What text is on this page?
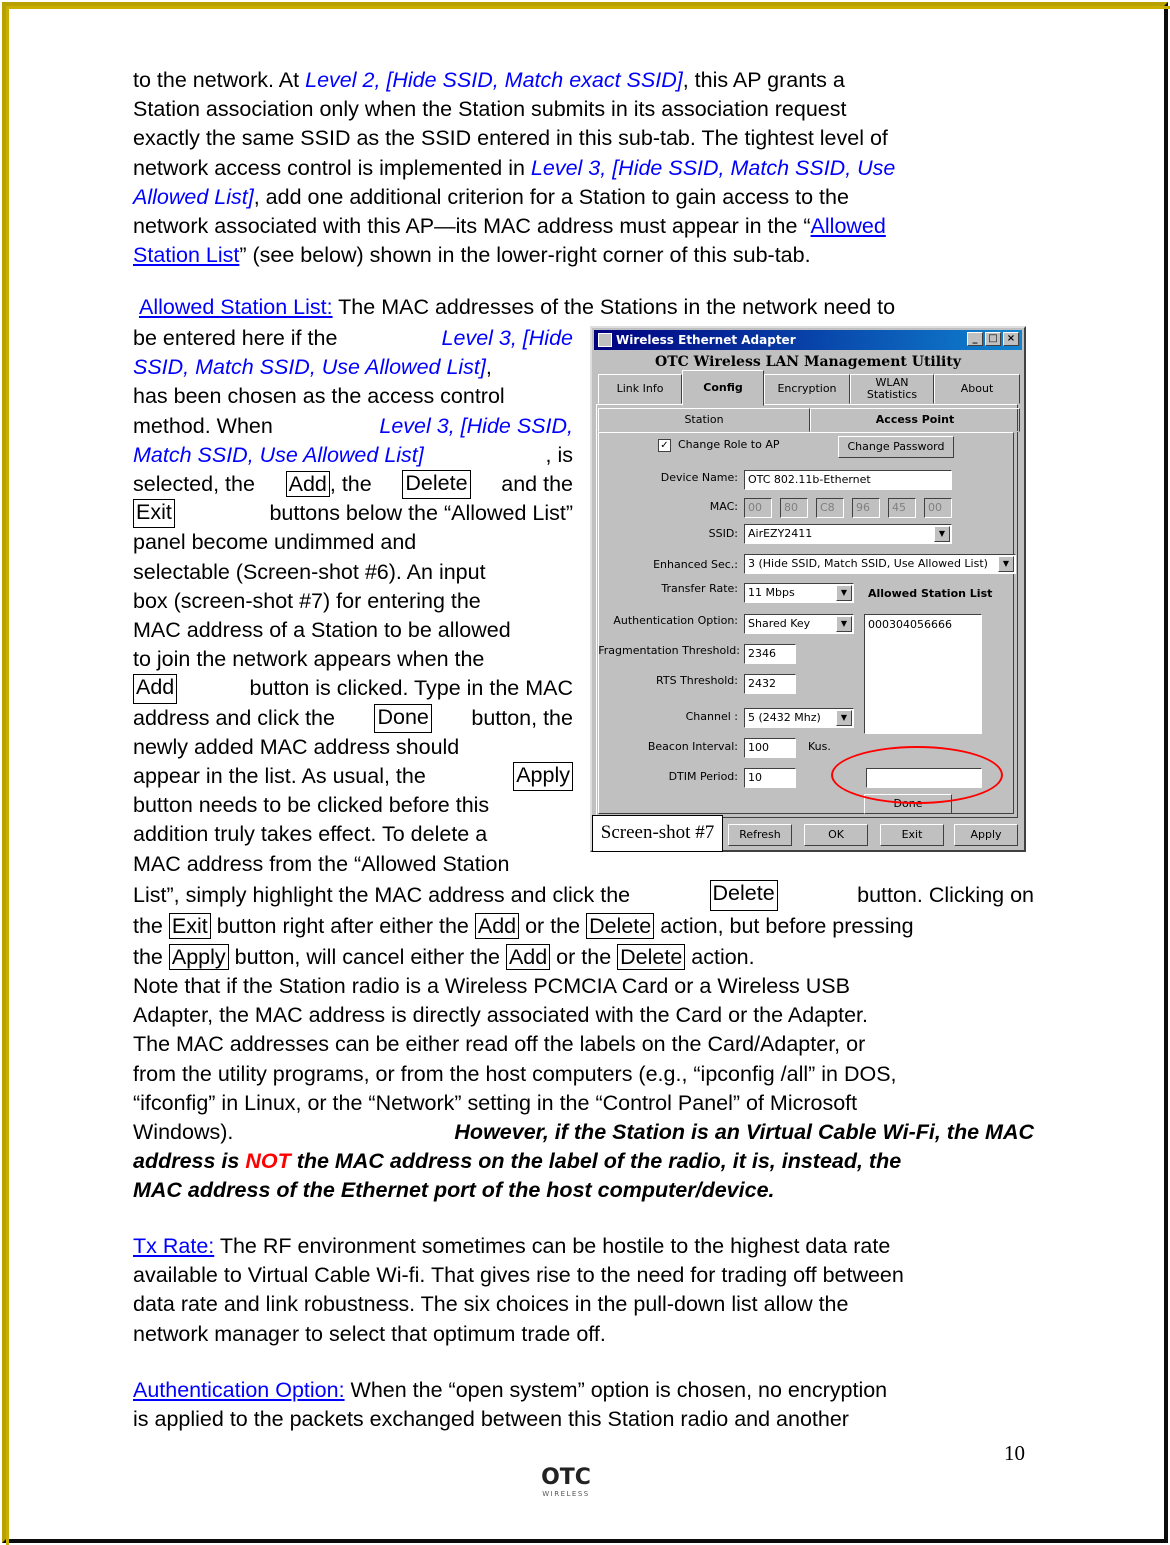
to the network. At Level 2, [Hide SSID, Match exact SSID], this AP grants a
Station association only when the Station submits in its association request
exactly the same SSID as the SSID entered in this sub-tab. The tightest level of
network access control is implemented in Level 3, [Hide SSID, Match SSID, Use
Allowed List], add one additional criterion for a Station to gain access to the
network associated with this AP—its MAC address must appear in the “Allowed
Station List” (see below) shown in the lower-right corner of this sub-tab.
Allowed Station List: The MAC addresses of the Stations in the network need to
be entered here if the	Level 3, [Hide
SSID, Match SSID, Use Allowed List],
has been chosen as the access control
method. When	Level 3, [Hide SSID,
Match SSID, Use Allowed List]	, is
selected, the Add , the Delete and the
Exit	buttons below the “Allowed List”
panel become undimmed and
selectable (Screen-shot #6). An input
box (screen-shot #7) for entering the
MAC address of a Station to be allowed
to join the network appears when the
Add	button is clicked. Type in the MAC
address and click the Done button, the
newly added MAC address should
appear in the list. As usual, the	Apply
button needs to be clicked before this
addition truly takes effect. To delete a
MAC address from the “Allowed Station
List”, simply highlight the MAC address and click the	Delete	button. Clicking on
the Exit button right after either the Add or the Delete action, but before pressing
the Apply button, will cancel either the Add or the Delete action.
Note that if the Station radio is a Wireless PCMCIA Card or a Wireless USB
Adapter, the MAC address is directly associated with the Card or the Adapter.
The MAC addresses can be either read off the labels on the Card/Adapter, or
from the utility programs, or from the host computers (e.g., “ipconfig /all” in DOS,
“ifconfig” in Linux, or the “Network” setting in the “Control Panel” of Microsoft
Windows).	However, if the Station is an Virtual Cable Wi-Fi, the MAC
address is NOT the MAC address on the label of the radio, it is, instead, the
MAC address of the Ethernet port of the host computer/device.
Tx Rate: The RF environment sometimes can be hostile to the highest data rate
available to Virtual Cable Wi-fi. That gives rise to the need for trading off between
data rate and link robustness. The six choices in the pull-down list allow the
network manager to select that optimum trade off.
Authentication Option: When the “open system” option is chosen, no encryption
is applied to the packets exchanged between this Station radio and another
Wireless Ethernet Adapter	_	□ ×
OTC Wireless LAN Management Utility
Link Info	Config	Encryption	WLAN Statistics	About
Station	Access Point
✓ Change Role to AP	Change Password
Device Name: OTC 802.11b-Ethernet
MAC: 00	80	C8	96	45	00
SSID: AirEZY2411	▼
Enhanced Sec.: 3 (Hide SSID, Match SSID, Use Allowed List)	▼
Transfer Rate: 11 Mbps	▼	Allowed Station List
Authentication Option: Shared Key	▼	000304056666
Fragmentation Threshold: 2346
RTS Threshold: 2432
Channel : 5 (2432 Mhz)	▼
Beacon Interval: 100	Kus.
DTIM Period: 10
Done
Refresh	OK	Exit	Apply
Screen-shot #7
10
OTC
WIRELESS
